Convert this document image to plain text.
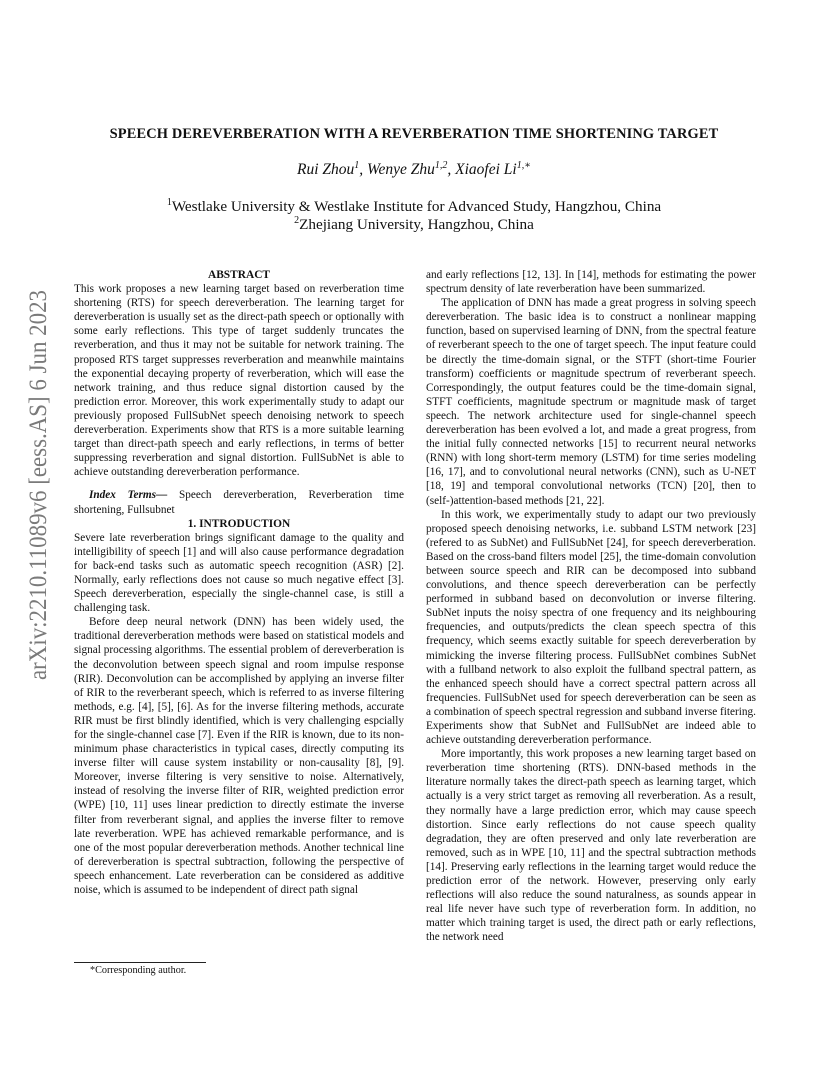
arXiv:2210.11089v6 [eess.AS] 6 Jun 2023
SPEECH DEREVERBERATION WITH A REVERBERATION TIME SHORTENING TARGET
Rui Zhou$^1$, Wenye Zhu$^{1,2}$, Xiaofei $Li^{1,∗}$
$^1$Westlake University & Westlake Institute for Advanced Study, Hangzhou, China
$^2$Zhejiang University, Hangzhou, China

ABSTRACT

This work proposes a new learning target based on reverberation time shortening (RTS) for speech dereverberation. The learning target for dereverberation is usually set as the direct-path speech or optionally with some early reflections. This type of target suddenly truncates the reverberation, and thus it may not be suitable for network training. The proposed RTS target suppresses reverberation and meanwhile maintains the exponential decaying property of reverberation, which will ease the network training, and thus reduce signal distortion caused by the prediction error. Moreover, this work experimentally study to adapt our previously proposed FullSubNet speech denoising network to speech dereverberation. Experiments show that RTS is a more suitable learning target than direct-path speech and early reflections, in terms of better suppressing reverberation and signal distortion. FullSubNet is able to achieve outstanding dereverberation performance.

Index Terms— Speech dereverberation, Reverberation time shortening, Fullsubnet

1. INTRODUCTION

Severe late reverberation brings significant damage to the quality and intelligibility of speech [1] and will also cause performance degradation for back-end tasks such as automatic speech recognition (ASR) [2]. Normally, early reflections does not cause so much negative effect [3]. Speech dereverberation, especially the single-channel case, is still a challenging task.

Before deep neural network (DNN) has been widely used, the traditional dereverberation methods were based on statistical models and signal processing algorithms. The essential problem of dereverberation is the deconvolution between speech signal and room impulse response (RIR). Deconvolution can be accomplished by applying an inverse filter of RIR to the reverberant speech, which is referred to as inverse filtering methods, e.g. [4], [5], [6]. As for the inverse filtering methods, accurate RIR must be first blindly identified, which is very challenging espcially for the single-channel case [7]. Even if the RIR is known, due to its non-minimum phase characteristics in typical cases, directly computing its inverse filter will cause system instability or non-causality [8], [9]. Moreover, inverse filtering is very sensitive to noise. Alternatively, instead of resolving the inverse filter of RIR, weighted prediction error (WPE) [10, 11] uses linear prediction to directly estimate the inverse filter from reverberant signal, and applies the inverse filter to remove late reverberation. WPE has achieved remarkable performance, and is one of the most popular dereverberation methods. Another technical line of dereverberation is spectral subtraction, following the perspective of speech enhancement. Late reverberation can be considered as additive noise, which is assumed to be independent of direct path signal

and early reflections [12, 13]. In [14], methods for estimating the power spectrum density of late reverberation have been summarized.

The application of DNN has made a great progress in solving speech dereverberation. The basic idea is to construct a nonlinear mapping function, based on supervised learning of DNN, from the spectral feature of reverberant speech to the one of target speech. The input feature could be directly the time-domain signal, or the STFT (short-time Fourier transform) coefficients or magnitude spectrum of reverberant speech. Correspondingly, the output features could be the time-domain signal, STFT coefficients, magnitude spectrum or magnitude mask of target speech. The network architecture used for single-channel speech dereverberation has been evolved a lot, and made a great progress, from the initial fully connected networks [15] to recurrent neural networks (RNN) with long short-term memory (LSTM) for time series modeling [16, 17], and to convolutional neural networks (CNN), such as U-NET [18, 19] and temporal convolutional networks (TCN) [20], then to (self-)attention-based methods [21, 22].

In this work, we experimentally study to adapt our two previously proposed speech denoising networks, i.e. subband LSTM network [23] (refered to as SubNet) and FullSubNet [24], for speech dereverberation. Based on the cross-band filters model [25], the time-domain convolution between source speech and RIR can be decomposed into subband convolutions, and thence speech dereverberation can be perfectly performed in subband based on deconvolution or inverse filtering. SubNet inputs the noisy spectra of one frequency and its neighbouring frequencies, and outputs/predicts the clean speech spectra of this frequency, which seems exactly suitable for speech dereverberation by mimicking the inverse filtering process. FullSubNet combines SubNet with a fullband network to also exploit the fullband spectral pattern, as the enhanced speech should have a correct spectral pattern across all frequencies. FullSubNet used for speech dereverberation can be seen as a combination of speech spectral regression and subband inverse fitering. Experiments show that SubNet and FullSubNet are indeed able to achieve outstanding dereverberation performance.

More importantly, this work proposes a new learning target based on reverberation time shortening (RTS). DNN-based methods in the literature normally takes the direct-path speech as learning target, which actually is a very strict target as removing all reverberation. As a result, they normally have a large prediction error, which may cause speech distortion. Since early reflections do not cause speech quality degradation, they are often preserved and only late reverberation are removed, such as in WPE [10, 11] and the spectral subtraction methods [14]. Preserving early reflections in the learning target would reduce the prediction error of the network. However, preserving only early reflections will also reduce the sound naturalness, as sounds appear in real life never have such type of reverberation form. In addition, no matter which training target is used, the direct path or early reflections, the network need

*Corresponding author.
